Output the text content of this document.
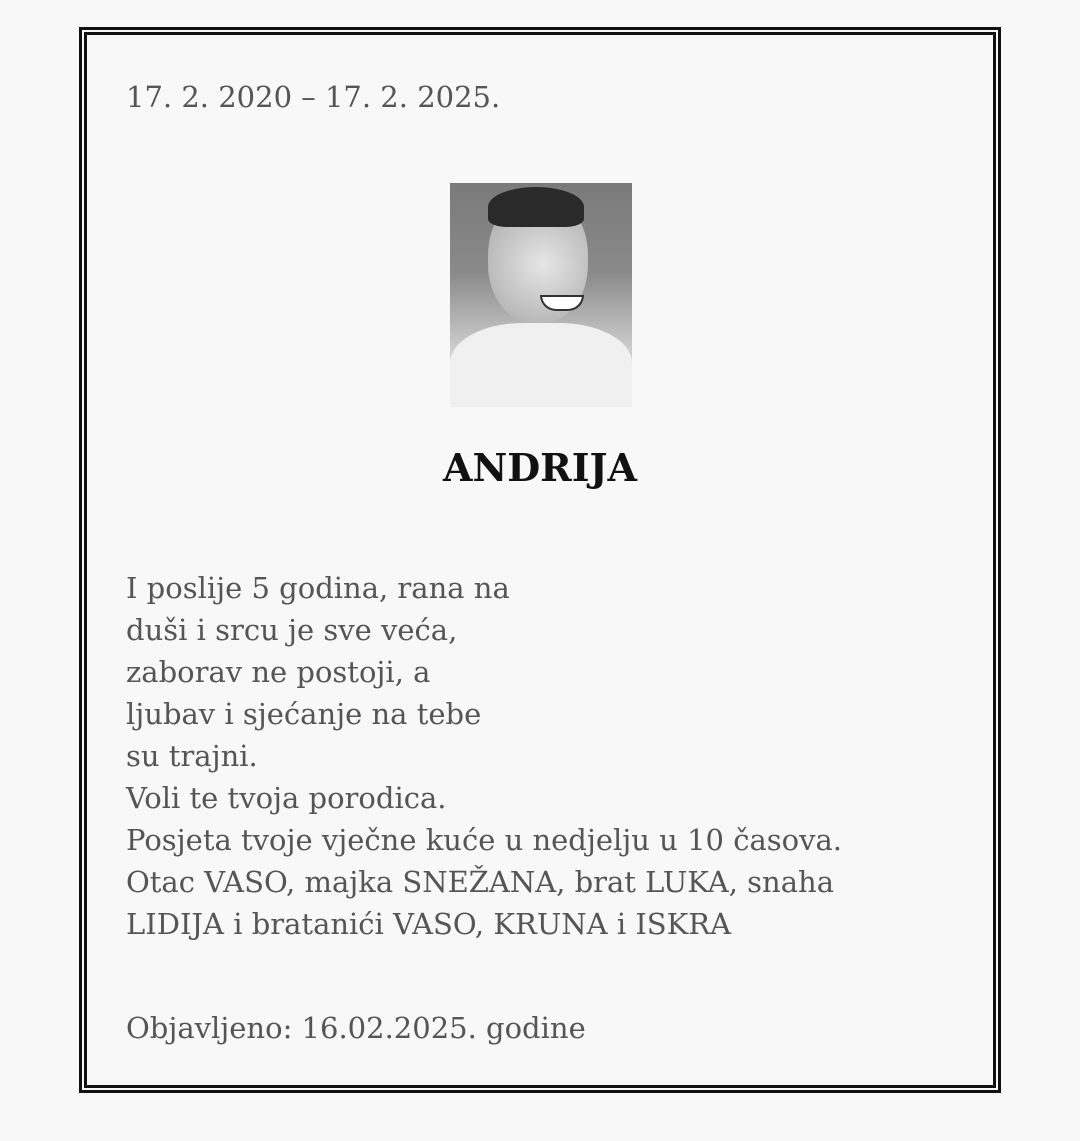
17. 2. 2020 – 17. 2. 2025.
ANDRIJA
I poslije 5 godina, rana na
duši i srcu je sve veća,
zaborav ne postoji, a
ljubav i sjećanje na tebe
su trajni.
Voli te tvoja porodica.
Posjeta tvoje vječne kuće u nedjelju u 10 časova.
Otac VASO, majka SNEŽANA, brat LUKA, snaha
LIDIJA i bratanići VASO, KRUNA i ISKRA
Objavljeno: 16.02.2025. godine
